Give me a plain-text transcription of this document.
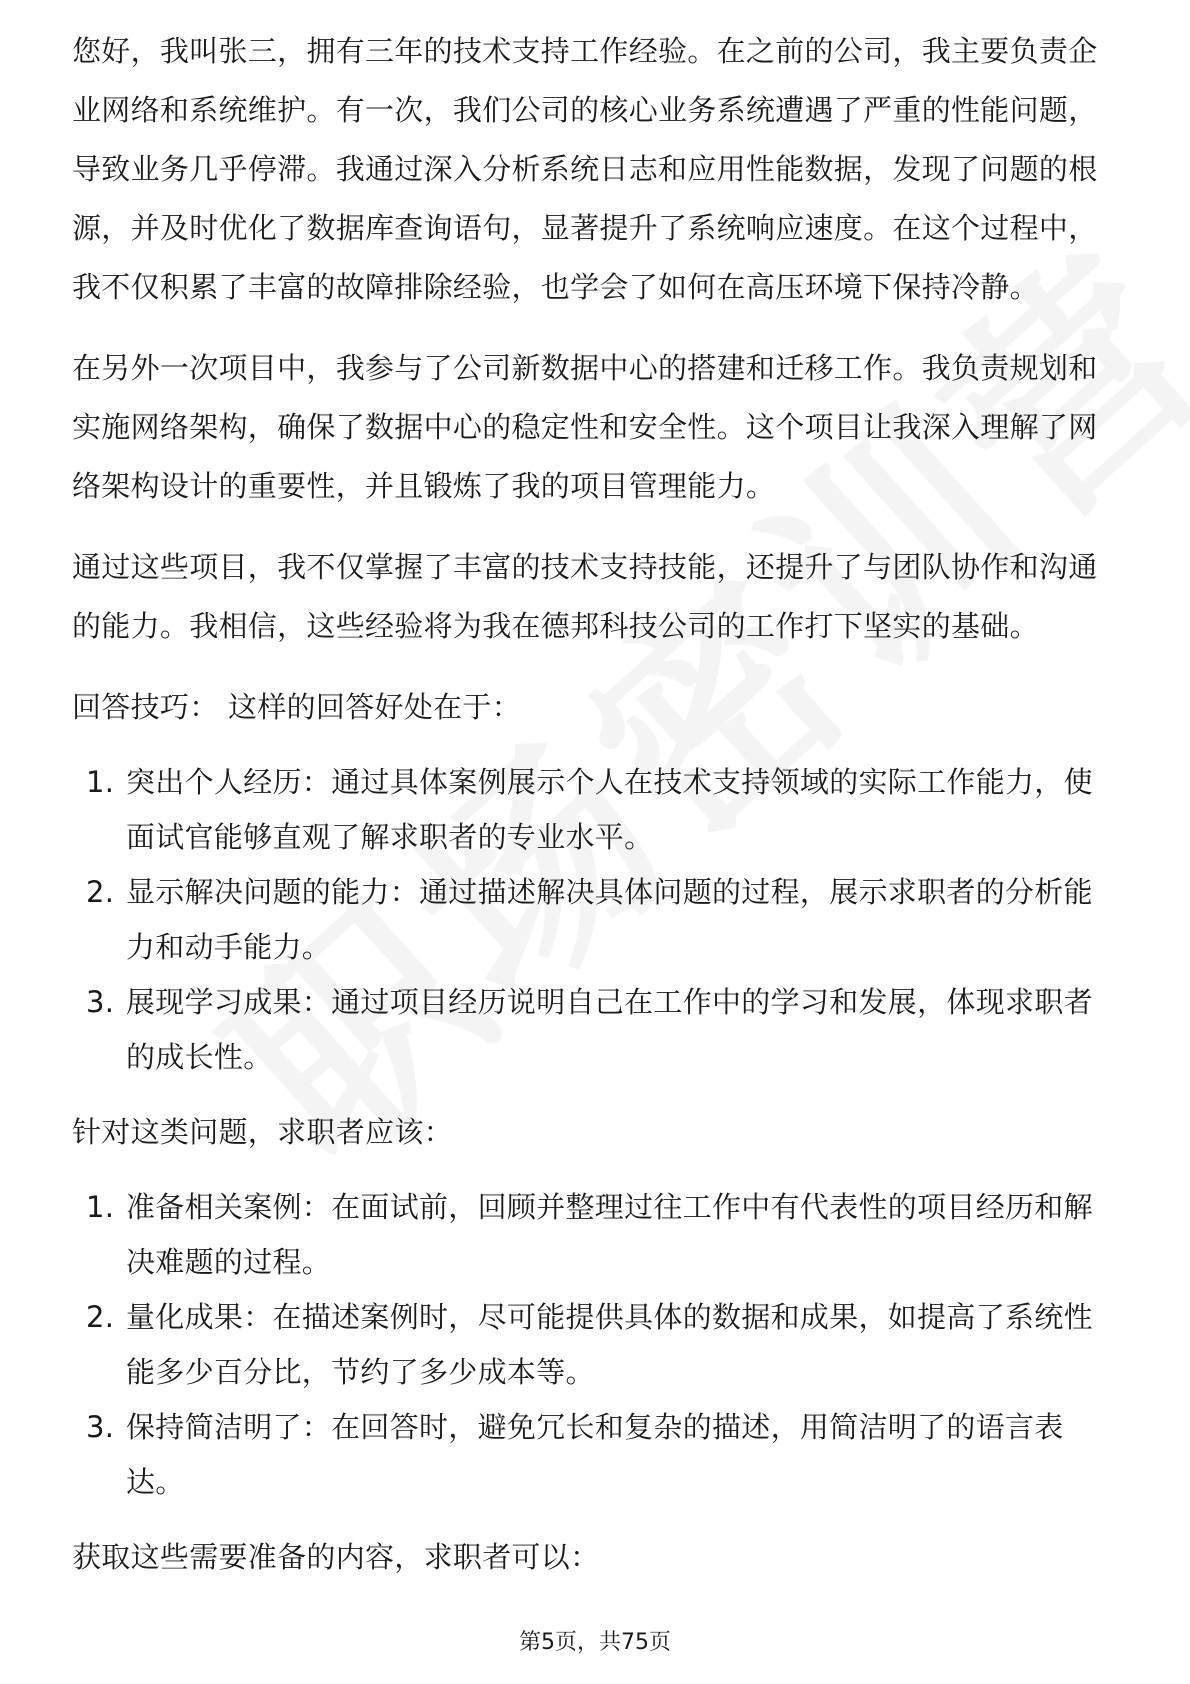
您好，我叫张三，拥有三年的技术支持工作经验。在之前的公司，我主要负责企业网络和系统维护。有一次，我们公司的核心业务系统遭遇了严重的性能问题，导致业务几乎停滞。我通过深入分析系统日志和应用性能数据，发现了问题的根源，并及时优化了数据库查询语句，显著提升了系统响应速度。在这个过程中，我不仅积累了丰富的故障排除经验，也学会了如何在高压环境下保持冷静。

在另外一次项目中，我参与了公司新数据中心的搭建和迁移工作。我负责规划和实施网络架构，确保了数据中心的稳定性和安全性。这个项目让我深入理解了网络架构设计的重要性，并且锻炼了我的项目管理能力。

通过这些项目，我不仅掌握了丰富的技术支持技能，还提升了与团队协作和沟通的能力。我相信，这些经验将为我在德邦科技公司的工作打下坚实的基础。

回答技巧： 这样的回答好处在于：

1. 突出个人经历：通过具体案例展示个人在技术支持领域的实际工作能力，使面试官能够直观了解求职者的专业水平。
2. 显示解决问题的能力：通过描述解决具体问题的过程，展示求职者的分析能力和动手能力。
3. 展现学习成果：通过项目经历说明自己在工作中的学习和发展，体现求职者的成长性。

针对这类问题，求职者应该：

1. 准备相关案例：在面试前，回顾并整理过往工作中有代表性的项目经历和解决难题的过程。
2. 量化成果：在描述案例时，尽可能提供具体的数据和成果，如提高了系统性能多少百分比，节约了多少成本等。
3. 保持简洁明了：在回答时，避免冗长和复杂的描述，用简洁明了的语言表达。

获取这些需要准备的内容，求职者可以：

第5页，共75页
